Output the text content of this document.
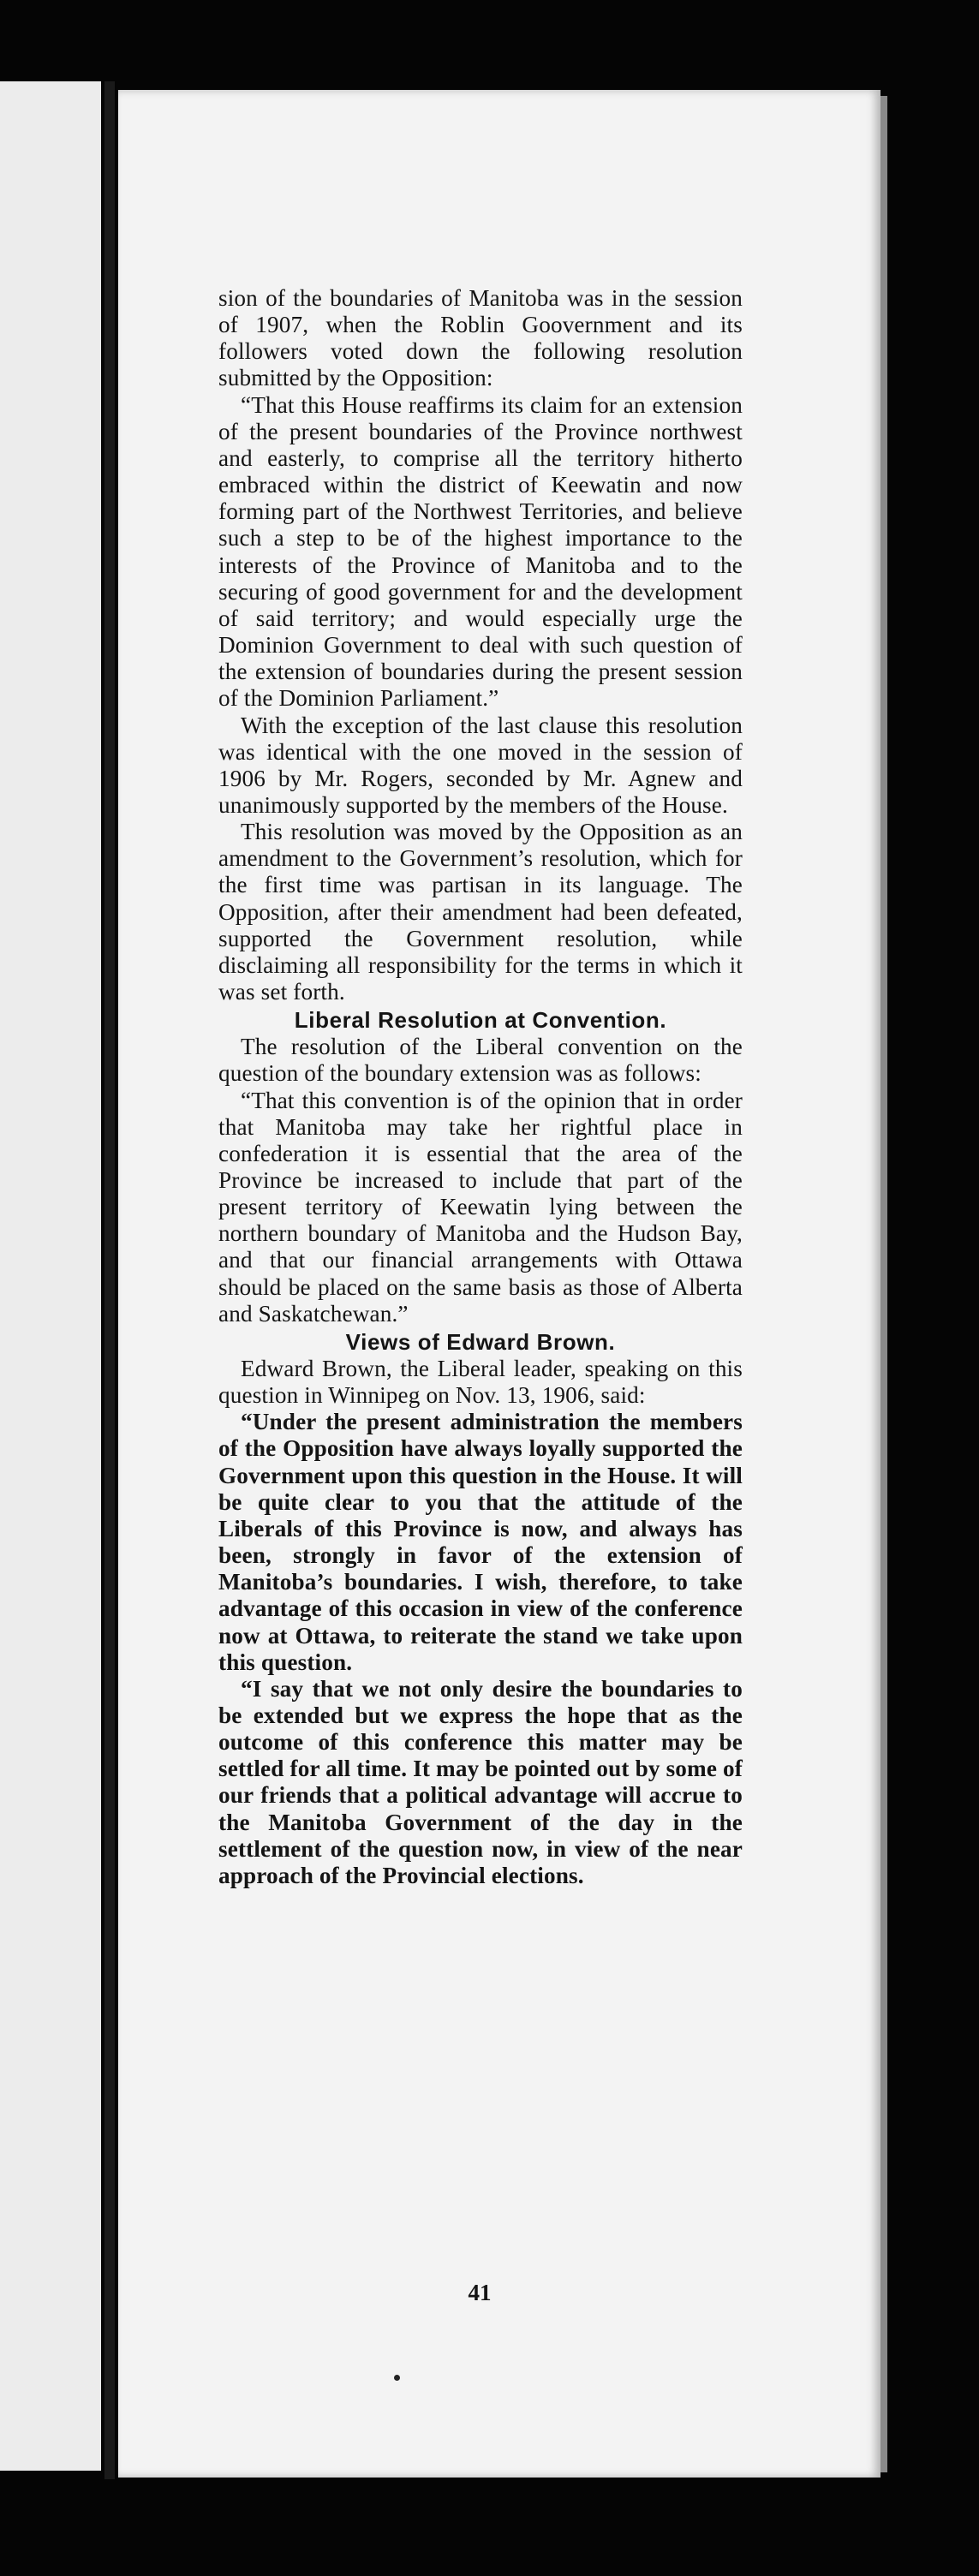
sion of the boundaries of Manitoba was in the session of 1907, when the Roblin Goovernment and its followers voted down the following resolution submitted by the Opposition:

“That this House reaffirms its claim for an extension of the present boundaries of the Province northwest and easterly, to comprise all the territory hitherto embraced within the district of Keewatin and now forming part of the Northwest Territories, and believe such a step to be of the highest importance to the interests of the Province of Manitoba and to the securing of good government for and the development of said territory; and would especially urge the Dominion Government to deal with such question of the extension of boundaries during the present session of the Dominion Parliament.”

With the exception of the last clause this resolution was identical with the one moved in the session of 1906 by Mr. Rogers, seconded by Mr. Agnew and unanimously supported by the members of the House.

This resolution was moved by the Opposition as an amendment to the Government’s resolution, which for the first time was partisan in its language. The Opposition, after their amendment had been defeated, supported the Government resolution, while disclaiming all responsibility for the terms in which it was set forth.

Liberal Resolution at Convention.

The resolution of the Liberal convention on the question of the boundary extension was as follows:

“That this convention is of the opinion that in order that Manitoba may take her rightful place in confederation it is essential that the area of the Province be increased to include that part of the present territory of Keewatin lying between the northern boundary of Manitoba and the Hudson Bay, and that our financial arrangements with Ottawa should be placed on the same basis as those of Alberta and Saskatchewan.”

Views of Edward Brown.

Edward Brown, the Liberal leader, speaking on this question in Winnipeg on Nov. 13, 1906, said:

“Under the present administration the members of the Opposition have always loyally supported the Government upon this question in the House. It will be quite clear to you that the attitude of the Liberals of this Province is now, and always has been, strongly in favor of the extension of Manitoba’s boundaries. I wish, therefore, to take advantage of this occasion in view of the conference now at Ottawa, to reiterate the stand we take upon this question.

“I say that we not only desire the boundaries to be extended but we express the hope that as the outcome of this conference this matter may be settled for all time. It may be pointed out by some of our friends that a political advantage will accrue to the Manitoba Government of the day in the settlement of the question now, in view of the near approach of the Provincial elections.

41
